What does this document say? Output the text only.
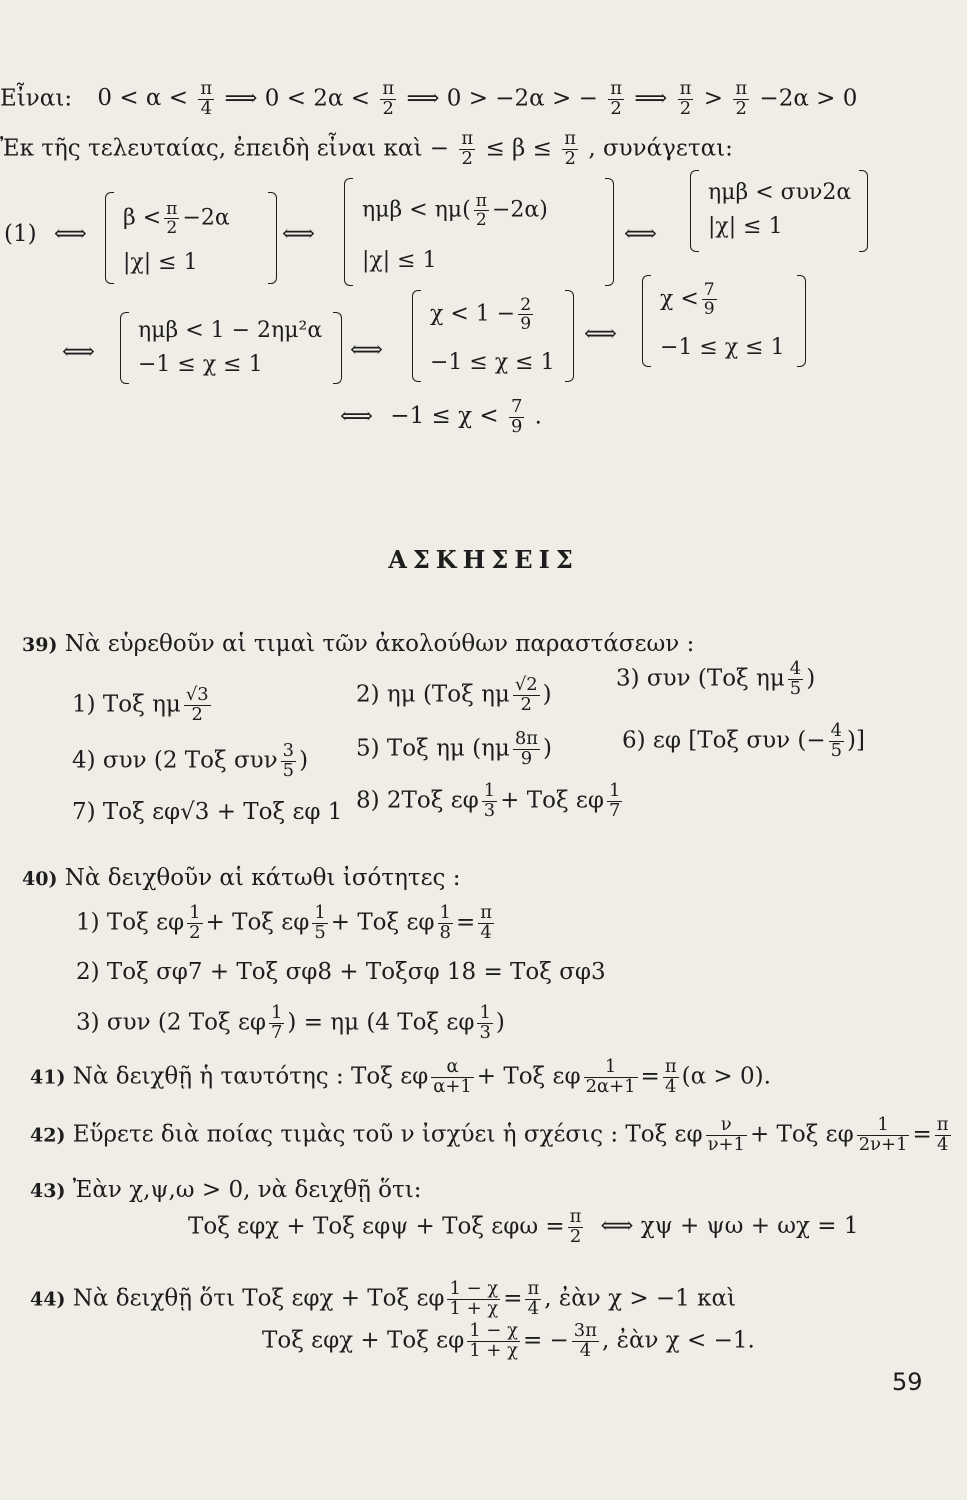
Εἶναι: $0 < \alpha < \frac{\pi}{4}$ ⟹ $0 < 2\alpha < \frac{\pi}{2}$ ⟹ 0 > −2α > − $\frac{\pi}{2}$ ⟹ $\frac{\pi}{2} > \frac{\pi}{2} -2\alpha > 0$
Ἐκ τῆς τελευταίας, ἐπειδὴ εἶναι καὶ − $\frac{\pi}{2} \le \beta \le \frac{\pi}{2}$ , συνάγεται:
(1) ⟺
$\beta < \frac{\pi}{2} -2\alpha$
|χ| ≤ 1
⟺
$\eta\mu\beta < \eta\mu( \frac{\pi}{2} -2\alpha)$
|χ| ≤ 1
⟺
ημβ < συν2α
|χ| ≤ 1
⟺
ημβ < 1 − 2ημ²α
−1 ≤ χ ≤ 1
⟺
$\chi < 1 - \frac{2}{9}$
−1 ≤ χ ≤ 1
⟺
$\chi < \frac{7}{9}$
−1 ≤ χ ≤ 1
⟺ $-1 \le \chi < \frac{7}{9}$ .
ΑΣΚΗΣΕΙΣ
39) Νὰ εὑρεθοῦν αἱ τιμαὶ τῶν ἀκολούθων παραστάσεων :
1) Τοξ ημ $\frac{√3}{2}$	2) ημ (Τοξ ημ $\frac{√2}{2}$ )
3) συν (Τοξ ημ $\frac{4}{5}$ )
4) συν (2 Τοξ συν $\frac{3}{5}$ ) 5) Τοξ ημ ($\eta\mu \frac{8\pi}{9}$ )	6) εφ [Τοξ συν (− $\frac{4}{5}$ )]
7) Τοξ εφ√3 + Τοξ εφ 1 8) 2Τοξ εφ $\frac{1}{3} + To\xi$ εφ $\frac{1}{7}$
40) Νὰ δειχθοῦν αἱ κάτωθι ἰσότητες :
1) Τοξ εφ $\frac{1}{2} + To\xi$ εφ $\frac{1}{5} + To\xi$ εφ $\frac{1}{8} = \frac{\pi}{4}$
2) Τοξ σφ7 + Τοξ σφ8 + Τοξσφ 18 = Τοξ σφ3
3) συν (2 Τοξ εφ $\frac{1}{7}$ ) = ημ (4 Τοξ εφ $\frac{1}{3}$ )
41) Νὰ δειχθῇ ἡ ταυτότης : Τοξ εφ $\frac{\alpha}{\alpha+1} + To\xi$ εφ $\frac{1}{2\alpha+1} = \frac{\pi}{4} (\alpha > 0)$.
42) Εὕρετε διὰ ποίας τιμὰς τοῦ ν ἰσχύει ἡ σχέσις : Τοξ εφ $\frac{\nu}{\nu+1} + To\xi$ εφ $\frac{1}{2\nu+1} = \frac{\pi}{4}$
43) Ἐὰν χ,ψ,ω > 0, νὰ δειχθῇ ὅτι:
Τοξ εφχ + Τοξ εφψ + Τοξ $\varepsilon\varphi\omega = \frac{\pi}{2}$ ⟺ χψ + ψω + ωχ = 1
44) Νὰ δειχθῇ ὅτι Τοξ εφχ + Τοξ εφ $\frac{1 - \chi}{1 + \chi} = \frac{\pi}{4}$ , ἐὰν χ > −1 καὶ
Τοξ εφχ + Τοξ εφ $\frac{1 - \chi}{1 + \chi}$ = − $\frac{3\pi}{4}$ , ἐὰν χ < −1.
59
